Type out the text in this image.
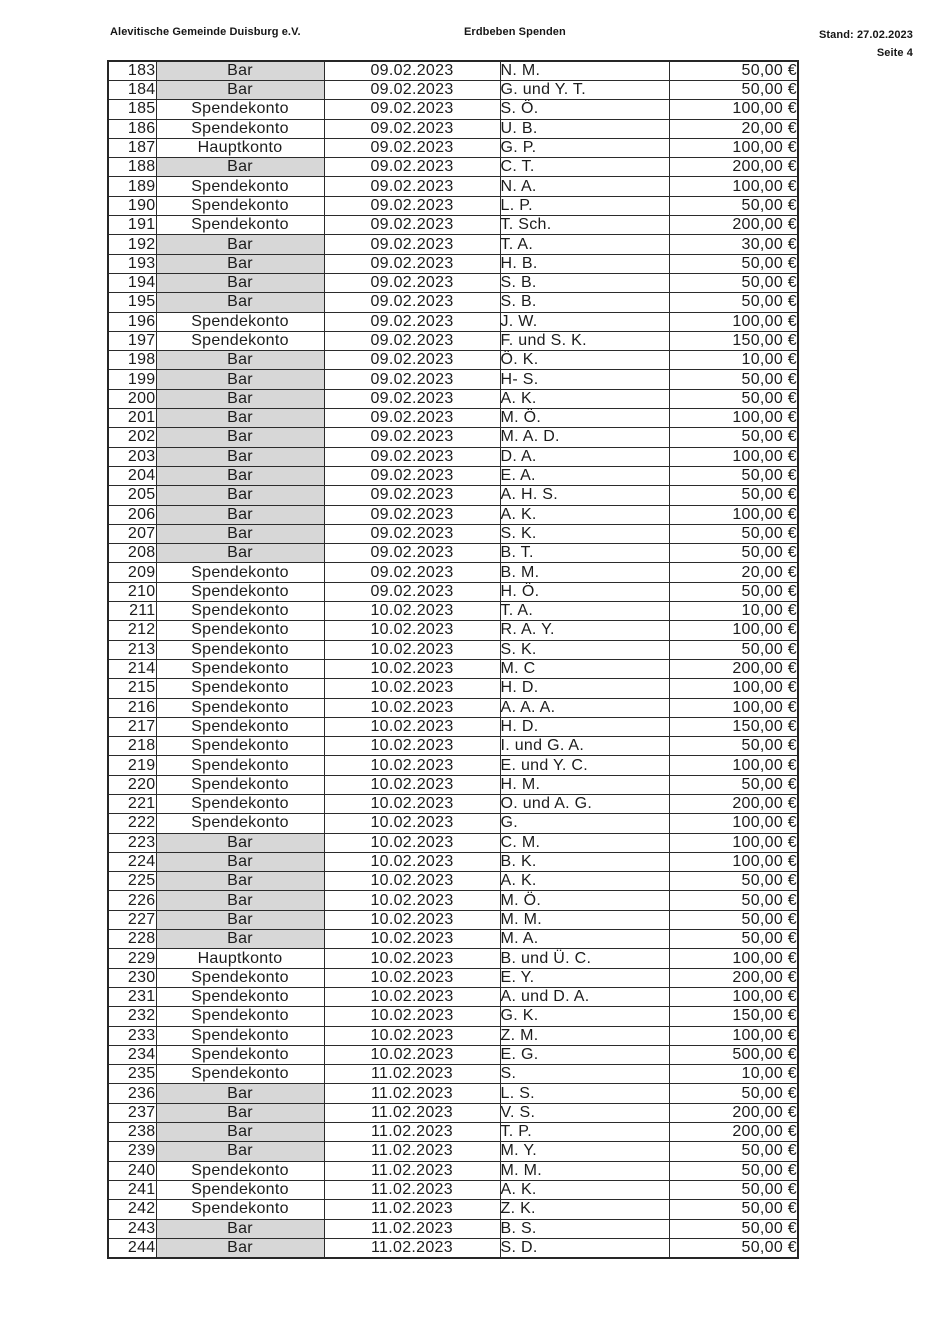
Alevitische Gemeinde Duisburg e.V.	Erdbeben Spenden	Stand: 27.02.2023
Seite 4
183	Bar	09.02.2023	N. M.	50,00 €
184	Bar	09.02.2023	G. und Y. T.	50,00 €
185	Spendekonto	09.02.2023	S. Ö.	100,00 €
186	Spendekonto	09.02.2023	U. B.	20,00 €
187	Hauptkonto	09.02.2023	G. P.	100,00 €
188	Bar	09.02.2023	C. T.	200,00 €
189	Spendekonto	09.02.2023	N. A.	100,00 €
190	Spendekonto	09.02.2023	L. P.	50,00 €
191	Spendekonto	09.02.2023	T. Sch.	200,00 €
192	Bar	09.02.2023	T. A.	30,00 €
193	Bar	09.02.2023	H. B.	50,00 €
194	Bar	09.02.2023	S. B.	50,00 €
195	Bar	09.02.2023	S. B.	50,00 €
196	Spendekonto	09.02.2023	J. W.	100,00 €
197	Spendekonto	09.02.2023	F. und S. K.	150,00 €
198	Bar	09.02.2023	Ö. K.	10,00 €
199	Bar	09.02.2023	H- S.	50,00 €
200	Bar	09.02.2023	A. K.	50,00 €
201	Bar	09.02.2023	M. Ö.	100,00 €
202	Bar	09.02.2023	M. A. D.	50,00 €
203	Bar	09.02.2023	D. A.	100,00 €
204	Bar	09.02.2023	E. A.	50,00 €
205	Bar	09.02.2023	A. H. S.	50,00 €
206	Bar	09.02.2023	A. K.	100,00 €
207	Bar	09.02.2023	S. K.	50,00 €
208	Bar	09.02.2023	B. T.	50,00 €
209	Spendekonto	09.02.2023	B. M.	20,00 €
210	Spendekonto	09.02.2023	H. Ö.	50,00 €
211	Spendekonto	10.02.2023	T. A.	10,00 €
212	Spendekonto	10.02.2023	R. A. Y.	100,00 €
213	Spendekonto	10.02.2023	S. K.	50,00 €
214	Spendekonto	10.02.2023	M. C	200,00 €
215	Spendekonto	10.02.2023	H. D.	100,00 €
216	Spendekonto	10.02.2023	A. A. A.	100,00 €
217	Spendekonto	10.02.2023	H. D.	150,00 €
218	Spendekonto	10.02.2023	I. und G. A.	50,00 €
219	Spendekonto	10.02.2023	E. und Y. C.	100,00 €
220	Spendekonto	10.02.2023	H. M.	50,00 €
221	Spendekonto	10.02.2023	O. und A. G.	200,00 €
222	Spendekonto	10.02.2023	G.	100,00 €
223	Bar	10.02.2023	C. M.	100,00 €
224	Bar	10.02.2023	B. K.	100,00 €
225	Bar	10.02.2023	A. K.	50,00 €
226	Bar	10.02.2023	M. Ö.	50,00 €
227	Bar	10.02.2023	M. M.	50,00 €
228	Bar	10.02.2023	M. A.	50,00 €
229	Hauptkonto	10.02.2023	B. und Ü. C.	100,00 €
230	Spendekonto	10.02.2023	E. Y.	200,00 €
231	Spendekonto	10.02.2023	A. und D. A.	100,00 €
232	Spendekonto	10.02.2023	G. K.	150,00 €
233	Spendekonto	10.02.2023	Z. M.	100,00 €
234	Spendekonto	10.02.2023	E. G.	500,00 €
235	Spendekonto	11.02.2023	S.	10,00 €
236	Bar	11.02.2023	L. S.	50,00 €
237	Bar	11.02.2023	V. S.	200,00 €
238	Bar	11.02.2023	T. P.	200,00 €
239	Bar	11.02.2023	M. Y.	50,00 €
240	Spendekonto	11.02.2023	M. M.	50,00 €
241	Spendekonto	11.02.2023	A. K.	50,00 €
242	Spendekonto	11.02.2023	Z. K.	50,00 €
243	Bar	11.02.2023	B. S.	50,00 €
244	Bar	11.02.2023	S. D.	50,00 €
